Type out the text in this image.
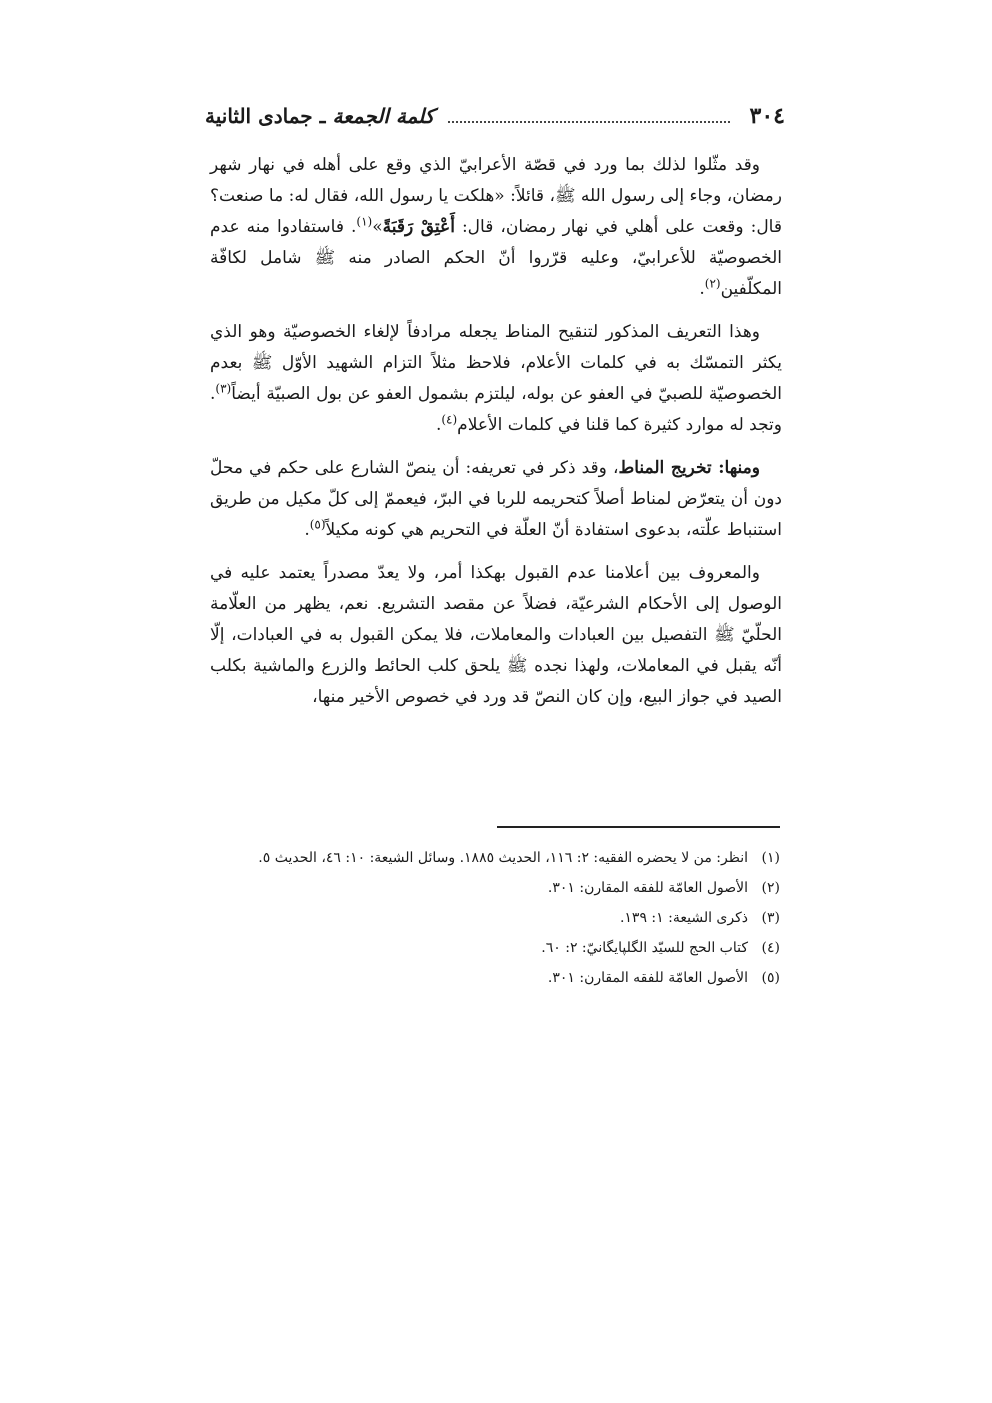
٣٠٤
كلمة الجمعة ـ جمادى الثانية

وقد مثّلوا لذلك بما ورد في قصّة الأعرابيّ الذي وقع على أهله في نهار شهر رمضان، وجاء إلى رسول الله ﷺ، قائلاً: «هلكت يا رسول الله، فقال له: ما صنعت؟ قال: وقعت على أهلي في نهار رمضان، قال: أَعْتِقْ رَقَبَةً»$^{(١)}$. فاستفادوا منه عدم الخصوصيّة للأعرابيّ، وعليه قرّروا أنّ الحكم الصادر منه ﷺ شامل لكافّة المكلّفين$^{(٢)}$.

وهذا التعريف المذكور لتنقيح المناط يجعله مرادفاً لإلغاء الخصوصيّة وهو الذي يكثر التمسّك به في كلمات الأعلام، فلاحظ مثلاً التزام الشهيد الأوّل ﷺ بعدم الخصوصيّة للصبيّ في العفو عن بوله، ليلتزم بشمول العفو عن بول الصبيّة أيضاً$^{(٣)}$. وتجد له موارد كثيرة كما قلنا في كلمات الأعلام$^{(٤)}$.

ومنها: تخريج المناط، وقد ذكر في تعريفه: أن ينصّ الشارع على حكم في محلّ دون أن يتعرّض لمناط أصلاً كتحريمه للربا في البرّ، فيعممّ إلى كلّ مكيل من طريق استنباط علّته، بدعوى استفادة أنّ العلّة في التحريم هي كونه مكيلاً$^{(٥)}$.

والمعروف بين أعلامنا عدم القبول بهكذا أمر، ولا يعدّ مصدراً يعتمد عليه في الوصول إلى الأحكام الشرعيّة، فضلاً عن مقصد التشريع. نعم، يظهر من العلّامة الحلّيّ ﷺ التفصيل بين العبادات والمعاملات، فلا يمكن القبول به في العبادات، إلّا أنّه يقبل في المعاملات، ولهذا نجده ﷺ يلحق كلب الحائط والزرع والماشية بكلب الصيد في جواز البيع، وإن كان النصّ قد ورد في خصوص الأخير منها،

(١)
انظر: من لا يحضره الفقيه: ٢: ١١٦، الحديث ١٨٨٥. وسائل الشيعة: ١٠: ٤٦، الحديث ٥.
(٢)
الأصول العامّة للفقه المقارن: ٣٠١.
(٣)
ذكرى الشيعة: ١: ١٣٩.
(٤)
كتاب الحج للسيّد الگلپايگانيّ: ٢: ٦٠.
(٥)
الأصول العامّة للفقه المقارن: ٣٠١.
